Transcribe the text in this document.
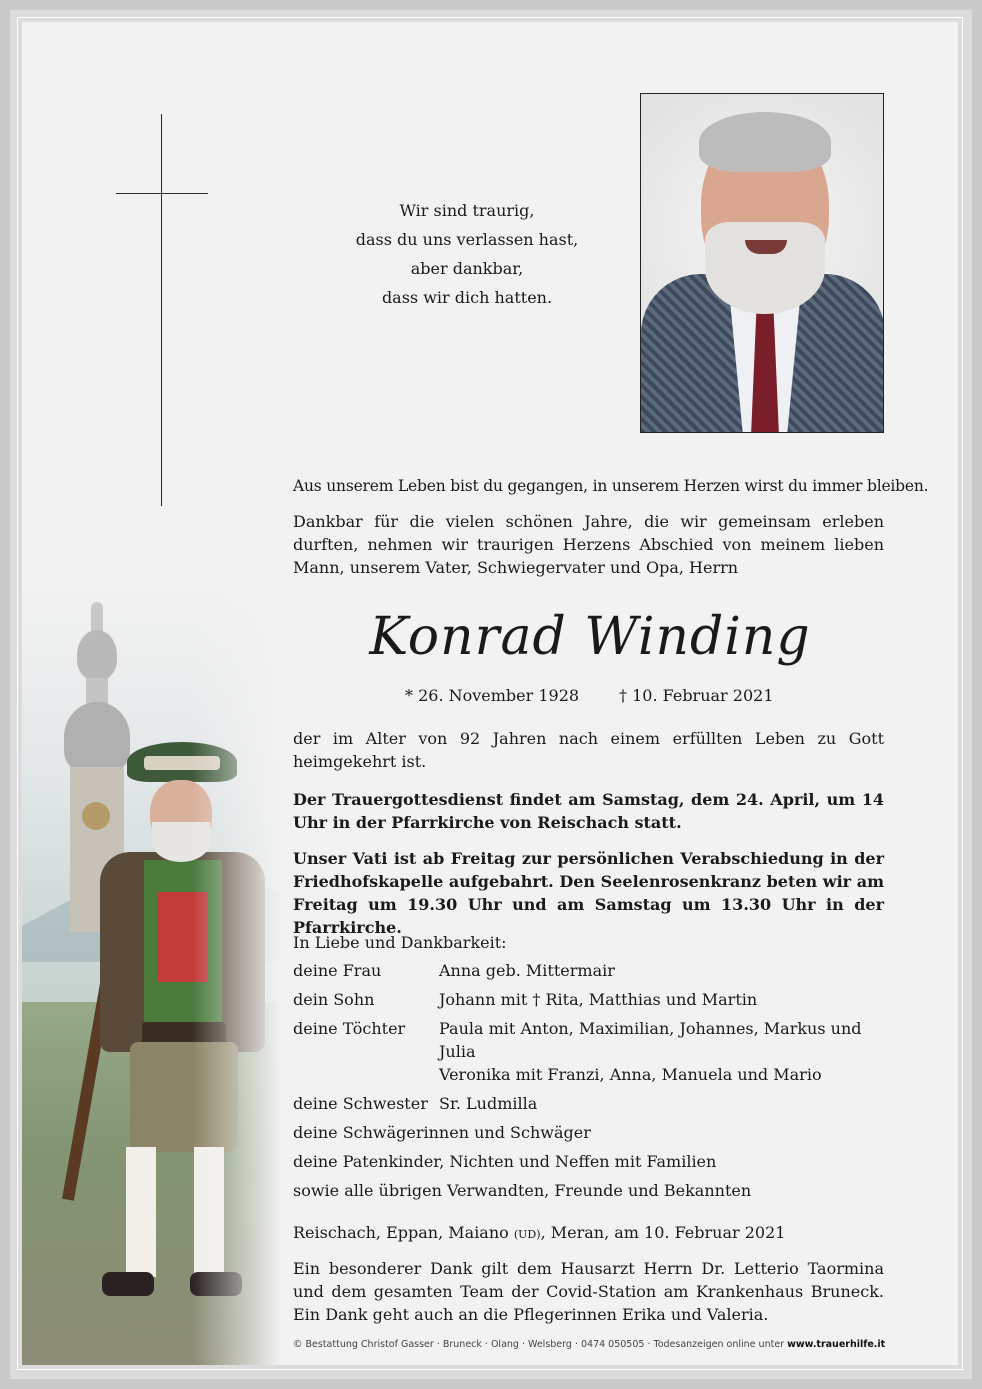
Wir sind traurig,
dass du uns verlassen hast,
aber dankbar,
dass wir dich hatten.
Aus unserem Leben bist du gegangen, in unserem Herzen wirst du immer bleiben.
Dankbar für die vielen schönen Jahre, die wir gemeinsam erleben durften, nehmen wir traurigen Herzens Abschied von meinem lieben Mann, unserem Vater, Schwiegervater und Opa, Herrn
Konrad Winding
* 26. November 1928 † 10. Februar 2021
der im Alter von 92 Jahren nach einem erfüllten Leben zu Gott heimgekehrt ist.
Der Trauergottesdienst findet am Samstag, dem 24. April, um 14 Uhr in der Pfarrkirche von Reischach statt.
Unser Vati ist ab Freitag zur persönlichen Verabschiedung in der Friedhofskapelle aufgebahrt. Den Seelenrosenkranz beten wir am Freitag um 19.30 Uhr und am Samstag um 13.30 Uhr in der Pfarrkirche.
In Liebe und Dankbarkeit:
deine Frau	Anna geb. Mittermair
dein Sohn	Johann mit † Rita, Matthias und Martin
deine Töchter Paula mit Anton, Maximilian, Johannes, Markus und Julia
Veronika mit Franzi, Anna, Manuela und Mario
deine Schwester Sr. Ludmilla
deine Schwägerinnen und Schwäger
deine Patenkinder, Nichten und Neffen mit Familien
sowie alle übrigen Verwandten, Freunde und Bekannten
Reischach, Eppan, Maiano (UD), Meran, am 10. Februar 2021
Ein besonderer Dank gilt dem Hausarzt Herrn Dr. Letterio Taormina und dem gesamten Team der Covid-Station am Krankenhaus Bruneck. Ein Dank geht auch an die Pflegerinnen Erika und Valeria.
© Bestattung Christof Gasser · Bruneck · Olang · Welsberg · 0474 050505 · Todesanzeigen online unter www.trauerhilfe.it
